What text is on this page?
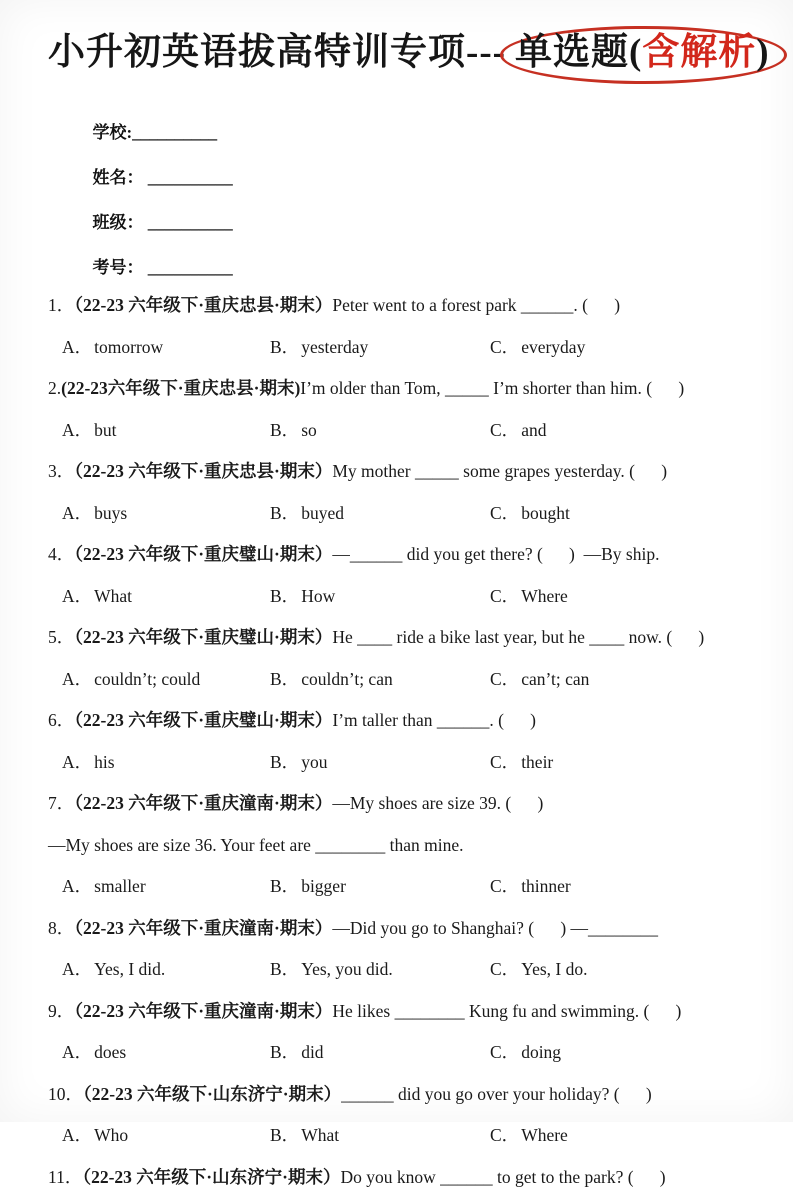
小升初英语拔高特训专项--- 单选题(含解析)

学校:__________

姓名： __________

班级： __________

考号： __________

1．（22-23 六年级下·重庆忠县·期末）Peter went to a forest park ______. (      )
A． tomorrow	B． yesterday	C． everyday
2.(22-23六年级下·重庆忠县·期末)I’m older than Tom, _____ I’m shorter than him. (      )
A． but	B． so	C． and
3．（22-23 六年级下·重庆忠县·期末）My mother _____ some grapes yesterday. (      )
A． buys	B． buyed	C． bought
4．（22-23 六年级下·重庆璧山·期末）—______ did you get there? (      )  —By ship.
A． What	B． How	C． Where
5．（22-23 六年级下·重庆璧山·期末）He ____ ride a bike last year, but he ____ now. (      )
A． couldn’t; could	B． couldn’t; can	C． can’t; can
6．（22-23 六年级下·重庆璧山·期末）I’m taller than ______. (      )
A． his	B． you	C． their
7．（22-23 六年级下·重庆潼南·期末）—My shoes are size 39. (      )
—My shoes are size 36. Your feet are ________ than mine.
A． smaller	B． bigger	C． thinner
8．（22-23 六年级下·重庆潼南·期末）—Did you go to Shanghai? (      ) —________
A． Yes, I did.	B． Yes, you did.	C． Yes, I do.
9．（22-23 六年级下·重庆潼南·期末）He likes ________ Kung fu and swimming. (      )
A． does	B． did	C． doing
10．（22-23 六年级下·山东济宁·期末）______ did you go over your holiday? (      )
A． Who	B． What	C． Where
11．（22-23 六年级下·山东济宁·期末）Do you know ______ to get to the park? (      )
